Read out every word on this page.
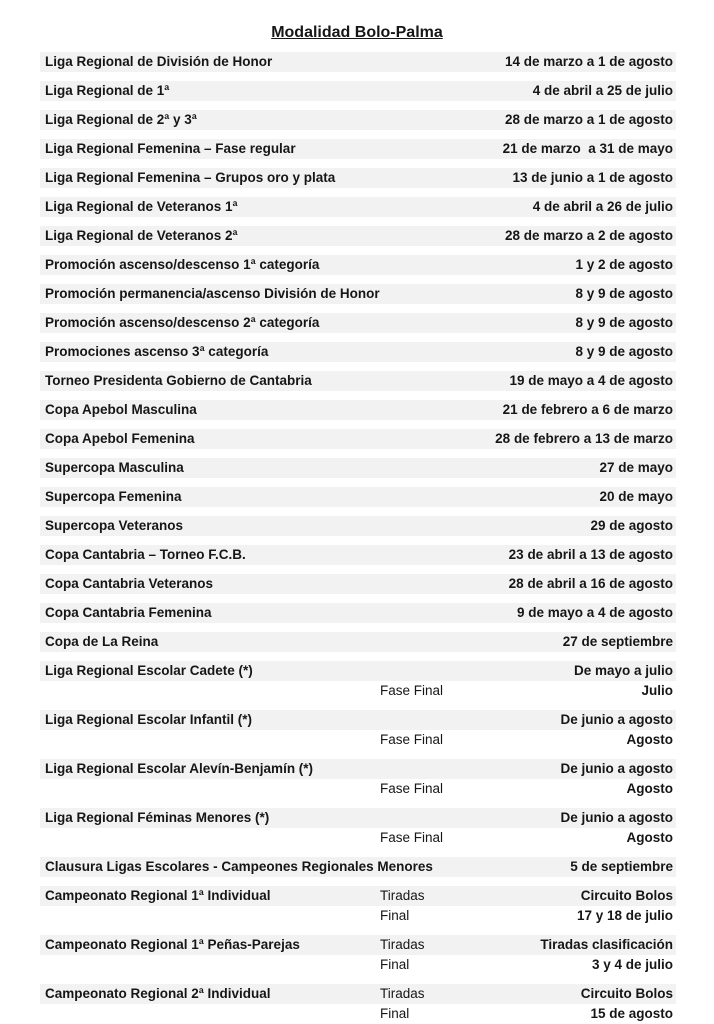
Modalidad Bolo-Palma
Liga Regional de División de Honor	14 de marzo a 1 de agosto
Liga Regional de 1ª	4 de abril a 25 de julio
Liga Regional de 2ª y 3ª	28 de marzo a 1 de agosto
Liga Regional Femenina – Fase regular	21 de marzo  a 31 de mayo
Liga Regional Femenina – Grupos oro y plata	13 de junio a 1 de agosto
Liga Regional de Veteranos 1ª	4 de abril a 26 de julio
Liga Regional de Veteranos 2ª	28 de marzo a 2 de agosto
Promoción ascenso/descenso 1ª categoría	1 y 2 de agosto
Promoción permanencia/ascenso División de Honor	8 y 9 de agosto
Promoción ascenso/descenso 2ª categoría	8 y 9 de agosto
Promociones ascenso 3ª categoría	8 y 9 de agosto
Torneo Presidenta Gobierno de Cantabria	19 de mayo a 4 de agosto
Copa Apebol Masculina	21 de febrero a 6 de marzo
Copa Apebol Femenina	28 de febrero a 13 de marzo
Supercopa Masculina	27 de mayo
Supercopa Femenina	20 de mayo
Supercopa Veteranos	29 de agosto
Copa Cantabria – Torneo F.C.B.	23 de abril a 13 de agosto
Copa Cantabria Veteranos	28 de abril a 16 de agosto
Copa Cantabria Femenina	9 de mayo a 4 de agosto
Copa de La Reina	27 de septiembre
Liga Regional Escolar Cadete (*)	De mayo a julio
Fase Final	Julio
Liga Regional Escolar Infantil (*)	De junio a agosto
Fase Final	Agosto
Liga Regional Escolar Alevín-Benjamín (*)	De junio a agosto
Fase Final	Agosto
Liga Regional Féminas Menores (*)	De junio a agosto
Fase Final	Agosto
Clausura Ligas Escolares - Campeones Regionales Menores	5 de septiembre
Campeonato Regional 1ª Individual	Tiradas	Circuito Bolos
Final	17 y 18 de julio
Campeonato Regional 1ª Peñas-Parejas	Tiradas	Tiradas clasificación
Final	3 y 4 de julio
Campeonato Regional 2ª Individual	Tiradas	Circuito Bolos
Final	15 de agosto
